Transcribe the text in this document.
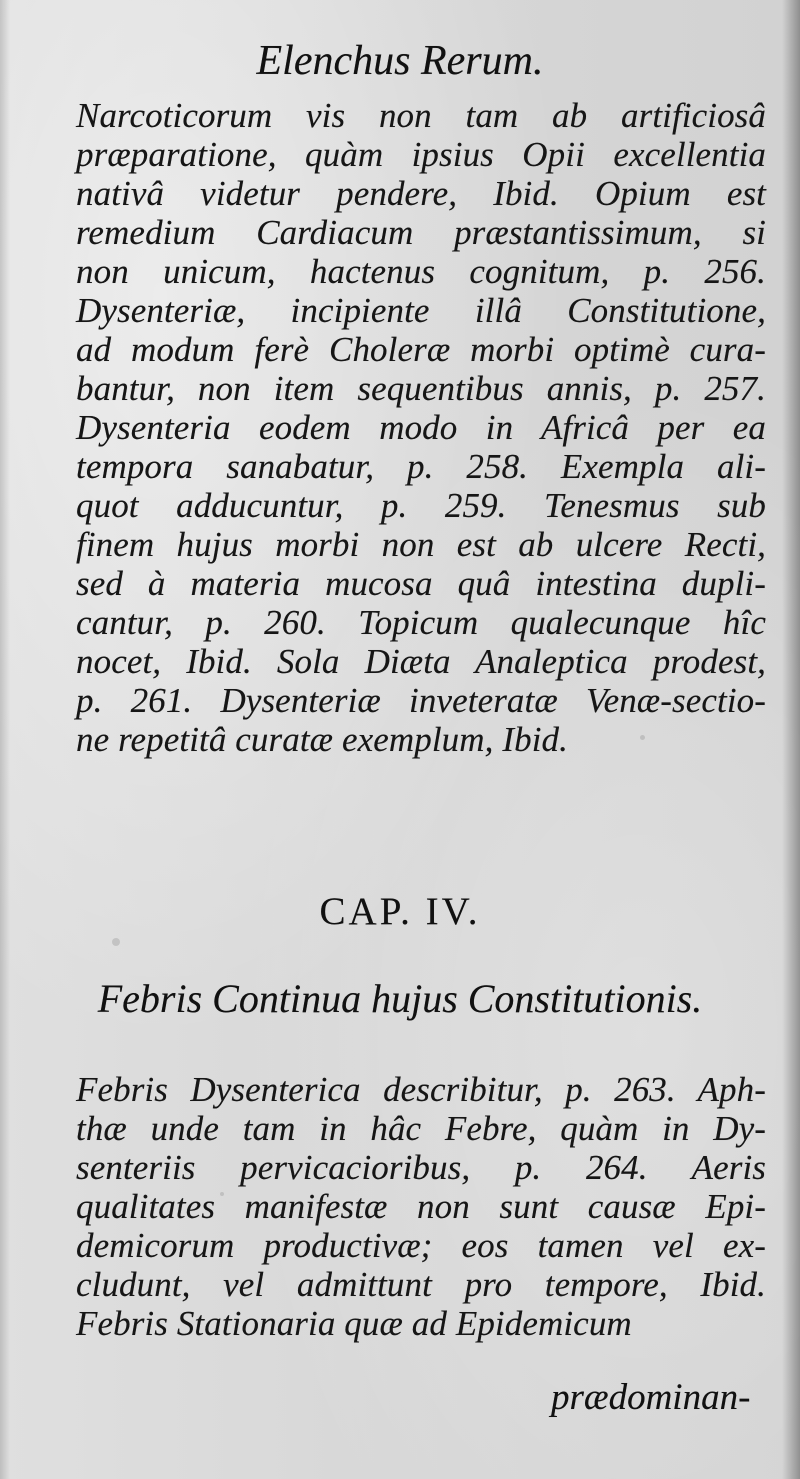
Elenchus Rerum.

Narcoticorum vis non tam ab artificiosâ
præparatione, quàm ipsius Opii excellentia
nativâ videtur pendere, Ibid. Opium est
remedium Cardiacum præstantissimum, si
non unicum, hactenus cognitum, p. 256.
Dysenteriæ, incipiente illâ Constitutione,
ad modum ferè Choleræ morbi optimè cura-
bantur, non item sequentibus annis, p. 257.
Dysenteria eodem modo in Africâ per ea
tempora sanabatur, p. 258. Exempla ali-
quot adducuntur, p. 259. Tenesmus sub
finem hujus morbi non est ab ulcere Recti,
sed à materia mucosa quâ intestina dupli-
cantur, p. 260. Topicum qualecunque hîc
nocet, Ibid. Sola Diæta Analeptica prodest,
p. 261. Dysenteriæ inveteratæ Venæ-sectio-
ne repetitâ curatæ exemplum, Ibid.

CAP. IV.
Febris Continua hujus Constitutionis.

Febris Dysenterica describitur, p. 263. Aph-
thæ unde tam in hâc Febre, quàm in Dy-
senteriis pervicacioribus, p. 264. Aeris
qualitates manifestæ non sunt causæ Epi-
demicorum productivæ; eos tamen vel ex-
cludunt, vel admittunt pro tempore, Ibid.
Febris Stationaria quæ ad Epidemicum

prædominan-
